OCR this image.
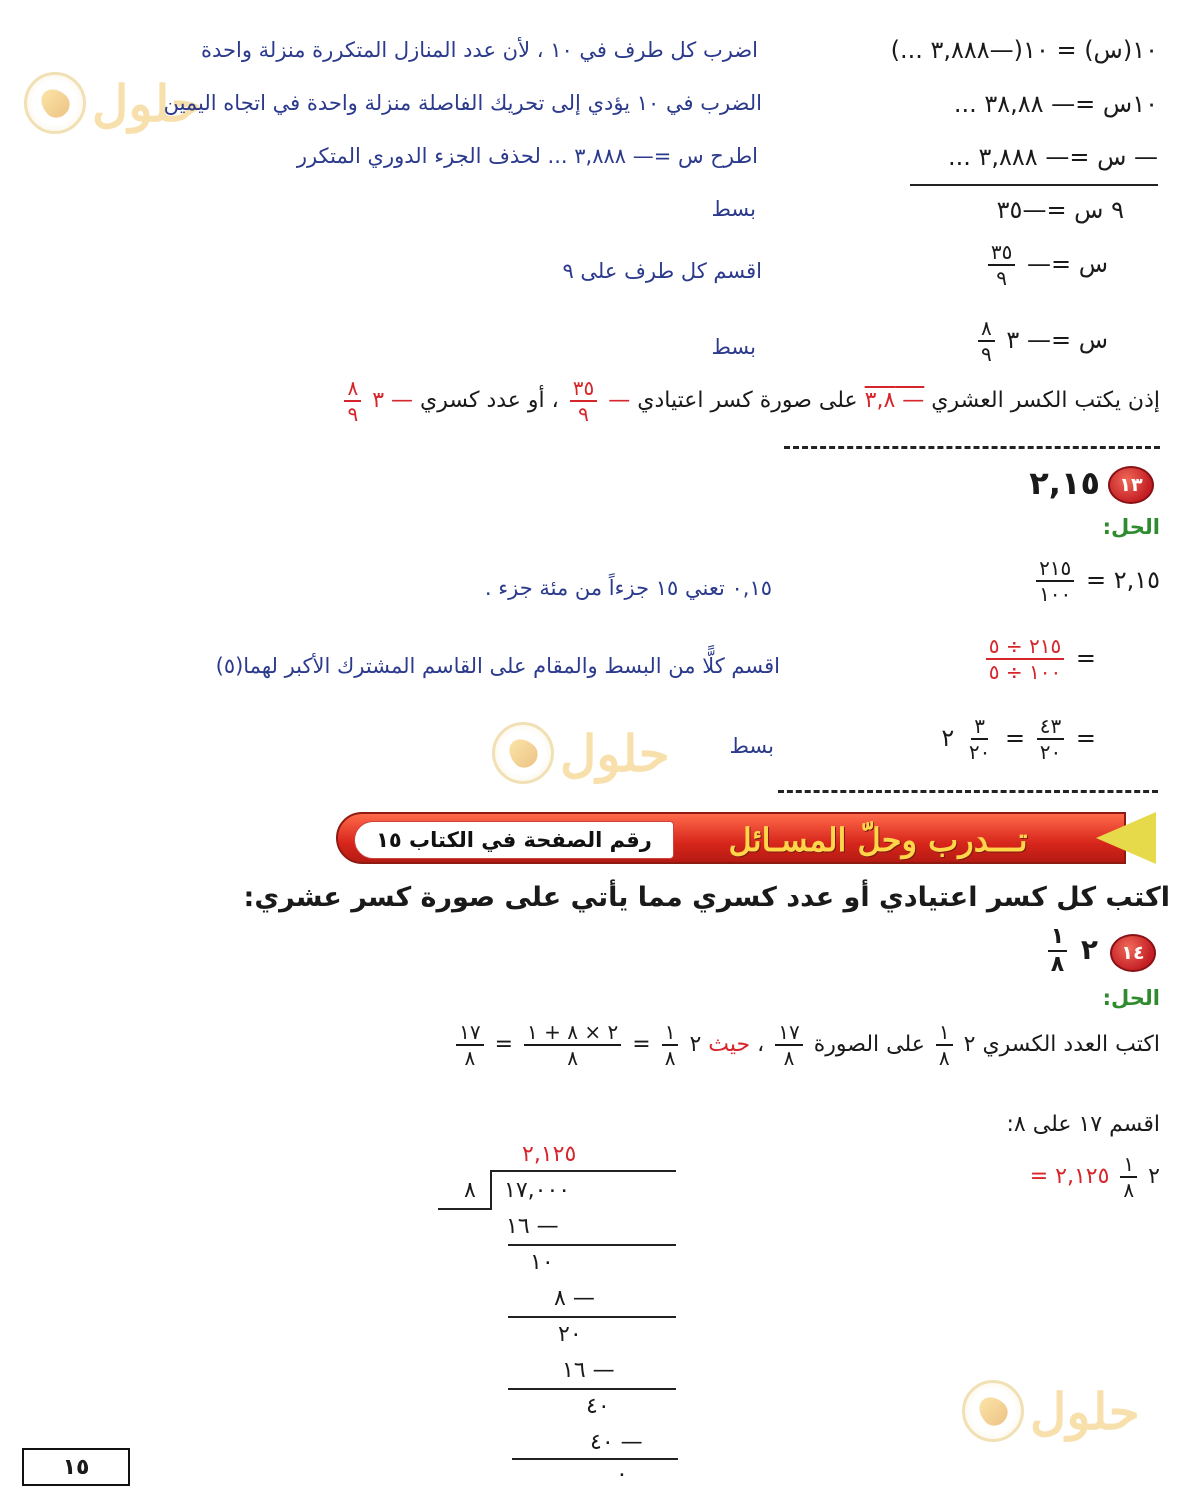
حلول
حلول
حلول
١٠(س) = ١٠(—٣,٨٨٨ ...)
اضرب كل طرف في ١٠ ، لأن عدد المنازل المتكررة منزلة واحدة
١٠س =— ٣٨,٨٨ ...
الضرب في ١٠ يؤدي إلى تحريك الفاصلة منزلة واحدة في اتجاه اليمين
— س =— ٣,٨٨٨ ...
اطرح س =— ٣,٨٨٨ ... لحذف الجزء الدوري المتكرر
٩ س =—٣٥
بسط
س =—
$\frac{٣٥}{٩}$
اقسم كل طرف على ٩
س =— ٣
$\frac{٨}{٩}$
بسط
إذن يكتب الكسر العشري — ٣,٨ على صورة كسر اعتيادي —
$\frac{٣٥}{٩}$
، أو عدد كسري — ٣
$\frac{٨}{٩}$
١٣
٢,١٥
الحل:
٢,١٥ =
$\frac{٢١٥}{١٠٠}$
٠,١٥ تعني ١٥ جزءاً من مئة جزء .
=
$\frac{٢١٥ \div ٥}{١٠٠ \div ٥}$
اقسم كلًّا من البسط والمقام على القاسم المشترك الأكبر لهما(٥)
=
$\frac{٤٣}{٢٠}$
=
$\frac{٣}{٢٠}$
٢
بسط
رقم الصفحة في الكتاب ١٥	تـــدرب وحلّ المسـائل
اكتب كل كسر اعتيادي أو عدد كسري مما يأتي على صورة كسر عشري:
١٤
٢
$\frac{١}{٨}$
الحل:
اكتب العدد الكسري ٢
$\frac{١}{٨}$
على الصورة
$\frac{١٧}{٨}$
، حيث ٢
$\frac{١}{٨}$
=
$\frac{٢ \times ٨ + ١}{٨}$
=
$\frac{١٧}{٨}$
اقسم ١٧ على ٨:
٢
$\frac{١}{٨}$
٢,١٢٥ =
٢,١٢٥
٨ ١٧,٠٠٠
— ١٦
١٠
— ٨
٢٠
— ١٦
٤٠
— ٤٠
٠
١٥
